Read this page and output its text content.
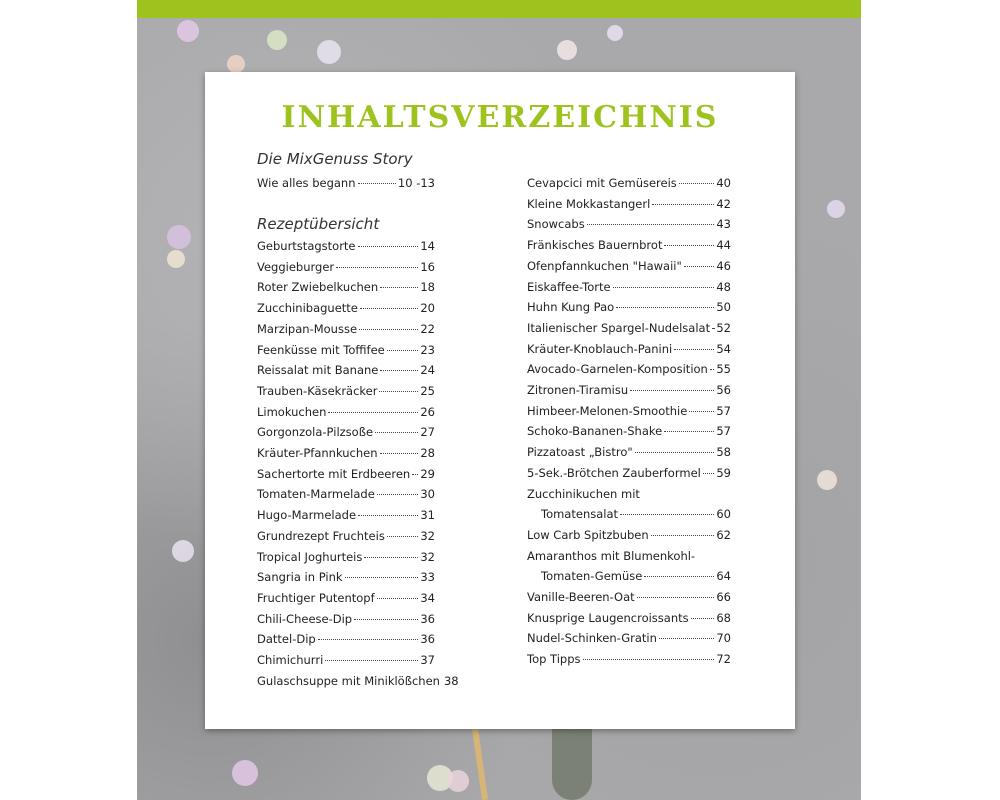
INHALTSVERZEICHNIS
Die MixGenuss Story
Wie alles begann	10 -13
Rezeptübersicht
Geburtstagstorte	14
Veggieburger	16
Roter Zwiebelkuchen	18
Zucchinibaguette	20
Marzipan-Mousse	22
Feenküsse mit Toffifee	23
Reissalat mit Banane	24
Trauben-Käsekräcker	25
Limokuchen	26
Gorgonzola-Pilzsoße	27
Kräuter-Pfannkuchen	28
Sachertorte mit Erdbeeren 29
Tomaten-Marmelade	30
Hugo-Marmelade	31
Grundrezept Fruchteis	32
Tropical Joghurteis	32
Sangria in Pink	33
Fruchtiger Putentopf	34
Chili-Cheese-Dip	36
Dattel-Dip	36
Chimichurri	37
Gulaschsuppe mit Miniklößchen 38
Cevapcici mit Gemüsereis	40
Kleine Mokkastangerl	42
Snowcabs	43
Fränkisches Bauernbrot	44
Ofenpfannkuchen "Hawaii"	46
Eiskaffee-Torte	48
Huhn Kung Pao	50
Italienischer Spargel-Nudelsalat 52
Kräuter-Knoblauch-Panini	54
Avocado-Garnelen-Komposition 55
Zitronen-Tiramisu	56
Himbeer-Melonen-Smoothie	57
Schoko-Bananen-Shake	57
Pizzatoast „Bistro"	58
5-Sek.-Brötchen Zauberformel 59
Zucchinikuchen mit
Tomatensalat	60
Low Carb Spitzbuben	62
Amaranthos mit Blumenkohl-
Tomaten-Gemüse	64
Vanille-Beeren-Oat	66
Knusprige Laugencroissants 68
Nudel-Schinken-Gratin	70
Top Tipps	72
